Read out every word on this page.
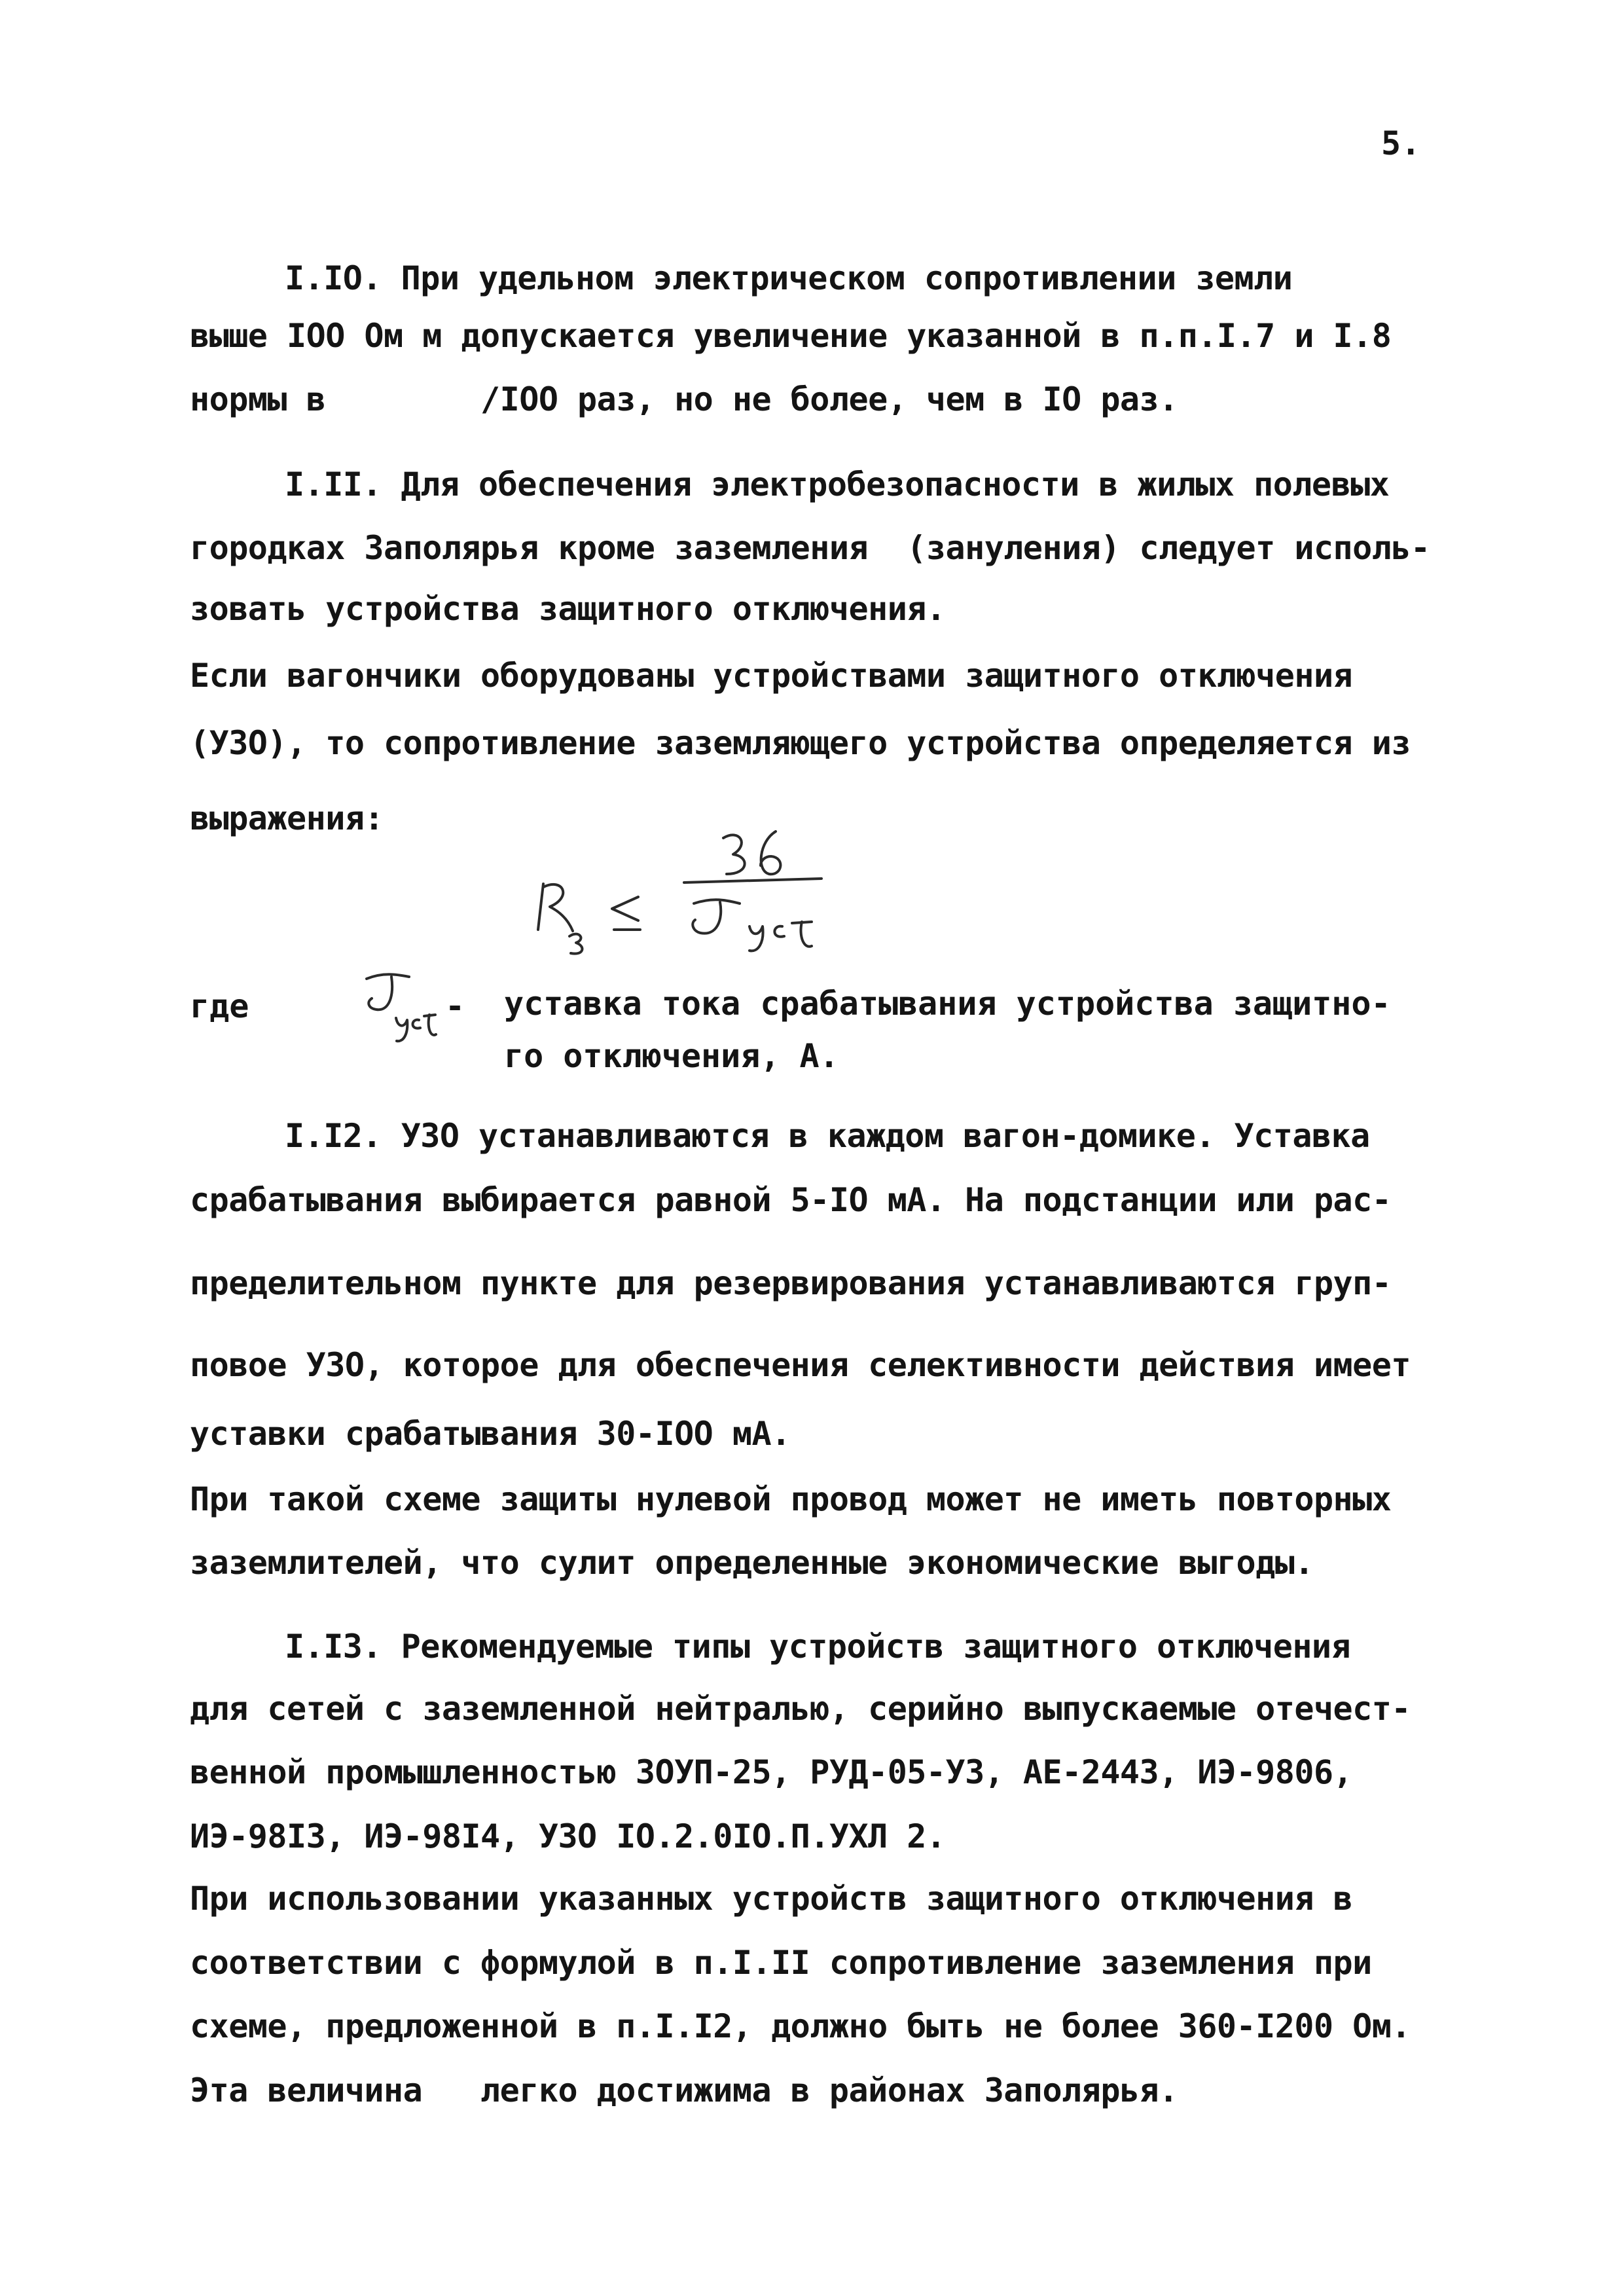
5.
I.IO. При удельном электрическом сопротивлении земли
выше IOO Ом м допускается увеличение указанной в п.п.I.7 и I.8
нормы в        /IOO раз, но не более, чем в IO раз.
I.II. Для обеспечения электробезопасности в жилых полевых
городках Заполярья кроме заземления  (зануления) следует исполь-
зовать устройства защитного отключения.
Если вагончики оборудованы устройствами защитного отключения
(УЗО), то сопротивление заземляющего устройства определяется из
выражения:
где	- уставка тока срабатывания устройства защитно-
го отключения, А.
I.I2. УЗО устанавливаются в каждом вагон-домике. Уставка
срабатывания выбирается равной 5-IO мА. На подстанции или рас-
пределительном пункте для резервирования устанавливаются груп-
повое УЗО, которое для обеспечения селективности действия имеет
уставки срабатывания 30-IOO мА.
При такой схеме защиты нулевой провод может не иметь повторных
заземлителей, что сулит определенные экономические выгоды.
I.I3. Рекомендуемые типы устройств защитного отключения
для сетей с заземленной нейтралью, серийно выпускаемые отечест-
венной промышленностью ЗОУП-25, РУД-05-УЗ, АЕ-2443, ИЭ-9806,
ИЭ-98I3, ИЭ-98I4, УЗО IO.2.0IO.П.УХЛ 2.
При использовании указанных устройств защитного отключения в
соответствии с формулой в п.I.II сопротивление заземления при
схеме, предложенной в п.I.I2, должно быть не более 360-I200 Ом.
Эта величина   легко достижима в районах Заполярья.
